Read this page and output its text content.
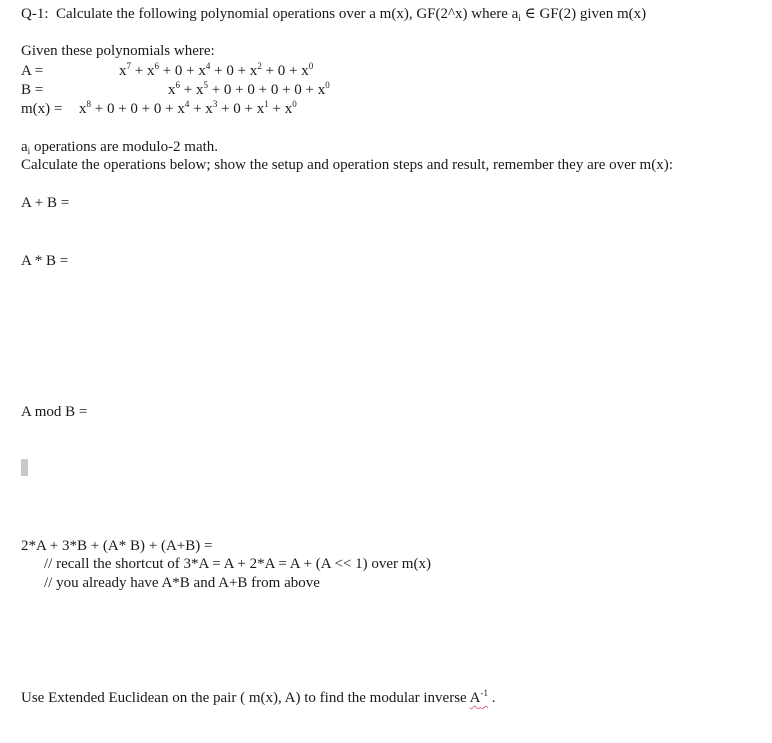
Q-1: Calculate the following polynomial operations over a m(x), GF(2^x) where $a_i$ ∈ GF(2) given m(x)
Given these polynomials where:
A =	$x^7 + x^6 + 0 + x^4 + 0 + x^2 + 0 + x^0$
B =	$x^6 + x^5 + 0 + 0 + 0 + 0 + x^0$
$m(x) = x^8 + 0 + 0 + 0 + x^4 + x^3 + 0 + x^1 + x^0$
$a_i$ operations are modulo-2 math.
Calculate the operations below; show the setup and operation steps and result, remember they are over m(x):
A + B =
A * B =
A mod B =
2*A + 3*B + (A* B) + (A+B) =
// recall the shortcut of 3*A = A + 2*A = A + (A << 1) over m(x)
// you already have A*B and A+B from above
Use Extended Euclidean on the pair ( m(x), A) to find the modular inverse $A^{-1}$ .
